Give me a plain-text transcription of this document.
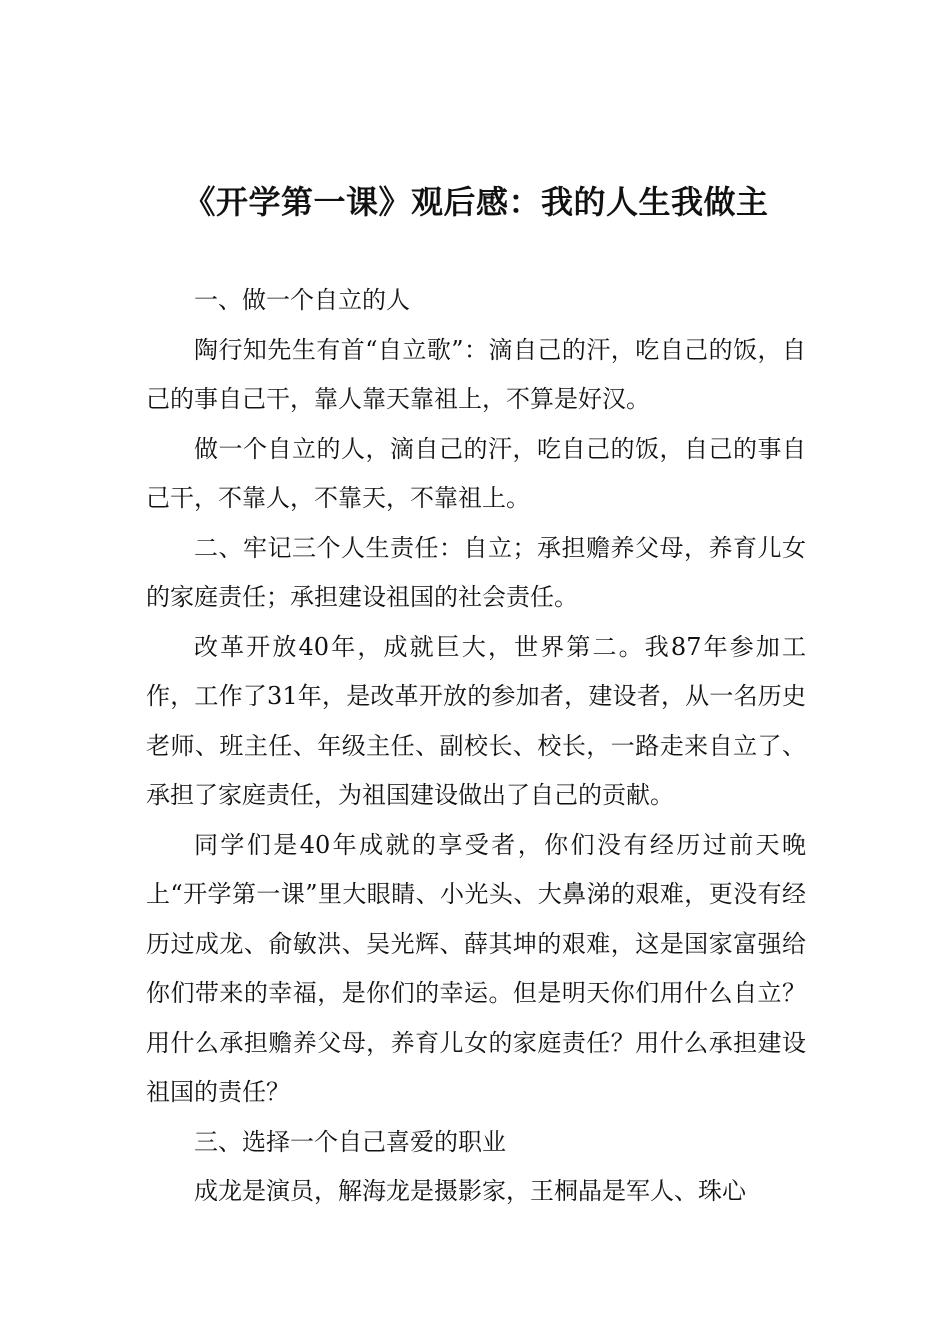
《开学第一课》观后感：我的人生我做主

一、做一个自立的人

陶行知先生有首“自立歌”：滴自己的汗，吃自己的饭，自己的事自己干，靠人靠天靠祖上，不算是好汉。

做一个自立的人，滴自己的汗，吃自己的饭，自己的事自己干，不靠人，不靠天，不靠祖上。

二、牢记三个人生责任：自立；承担赡养父母，养育儿女的家庭责任；承担建设祖国的社会责任。

改革开放40年，成就巨大，世界第二。我87年参加工作，工作了31年，是改革开放的参加者，建设者，从一名历史老师、班主任、年级主任、副校长、校长，一路走来自立了、承担了家庭责任，为祖国建设做出了自己的贡献。

同学们是40年成就的享受者，你们没有经历过前天晚上“开学第一课”里大眼睛、小光头、大鼻涕的艰难，更没有经历过成龙、俞敏洪、吴光辉、薛其坤的艰难，这是国家富强给你们带来的幸福，是你们的幸运。但是明天你们用什么自立？用什么承担赡养父母，养育儿女的家庭责任？用什么承担建设祖国的责任？

三、选择一个自己喜爱的职业

成龙是演员，解海龙是摄影家，王桐晶是军人、珠心
